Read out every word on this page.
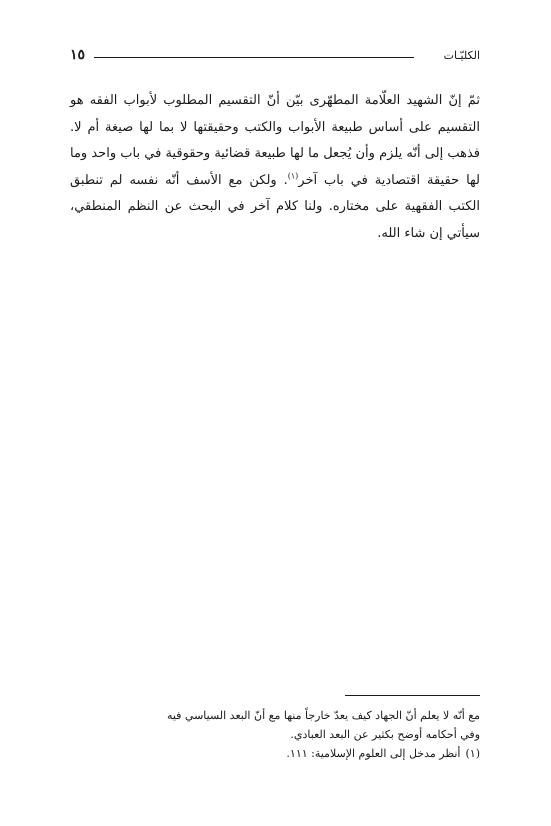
الكليّـات
١٥

ثمّ إنّ الشهيد العلّامة المطهّرى بيّن أنّ التقسيم المطلوب لأبواب الفقه هو التقسيم على أساس طبيعة الأبواب والكتب وحقيقتها لا بما لها صيغة أم لا. فذهب إلى أنّه يلزم وأن يُجعل ما لها طبيعة قضائية وحقوقية في باب واحد وما لها حقيقة اقتصادية في باب آخر$^{(١)}$. ولكن مع الأسف أنّه نفسه لم تنطبق الكتب الفقهية على مختاره. ولنا كلام آخر في البحث عن النظم المنطقي، سيأتي إن شاء الله.

مع أنّه لا يعلم أنّ الجهاد كيف يعدّ خارجاً منها مع أنّ البعد السياسي فيه
وفي أحكامه أوضح بكثير عن البعد العبادي.
(١)أنظر مدخل إلى العلوم الإسلامية: ١١١.
